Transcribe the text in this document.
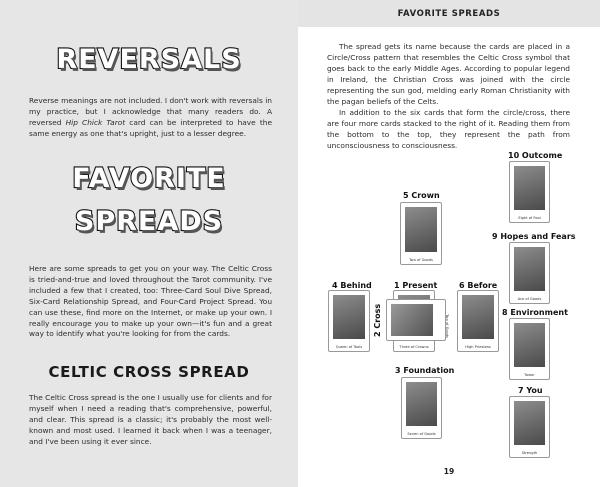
REVERSALS
Reverse meanings are not included. I don't work with reversals in my practice, but I acknowledge that many readers do. A reversed Hip Chick Tarot card can be interpreted to have the same energy as one that's upright, just to a lesser degree.
FAVORITE
SPREADS
Here are some spreads to get you on your way. The Celtic Cross is tried-and-true and loved throughout the Tarot community. I've included a few that I created, too: Three-Card Soul Dive Spread, Six-Card Relationship Spread, and Four-Card Project Spread. You can use these, find more on the Internet, or make up your own. I really encourage you to make up your own—it's fun and a great way to identify what you're looking for from the cards.
CELTIC CROSS SPREAD
The Celtic Cross spread is the one I usually use for clients and for myself when I need a reading that's comprehensive, powerful, and clear. This spread is a classic; it's probably the most well-known and most used. I learned it back when I was a teenager, and I've been using it ever since.
FAVORITE SPREADS
The spread gets its name because the cards are placed in a Circle/Cross pattern that resembles the Celtic Cross symbol that goes back to the early Middle Ages. According to popular legend in Ireland, the Christian Cross was joined with the circle representing the sun god, melding early Roman Christianity with the pagan beliefs of the Celts.
In addition to the six cards that form the circle/cross, there are four more cards stacked to the right of it. Reading them from the bottom to the top, they represent the path from unconsciousness to consciousness.
5 Crown
Two of Goods
4 Behind
Queen of Tools
1 Present
Three of Crowns
2 Cross	Two of Goods
6 Before
High Priestess
3 Foundation
Seven of Goods
10 Outcome
Eight of Fool
9 Hopes and Fears
Ace of Goods
8 Environment
Tower
7 You
Strength
19
